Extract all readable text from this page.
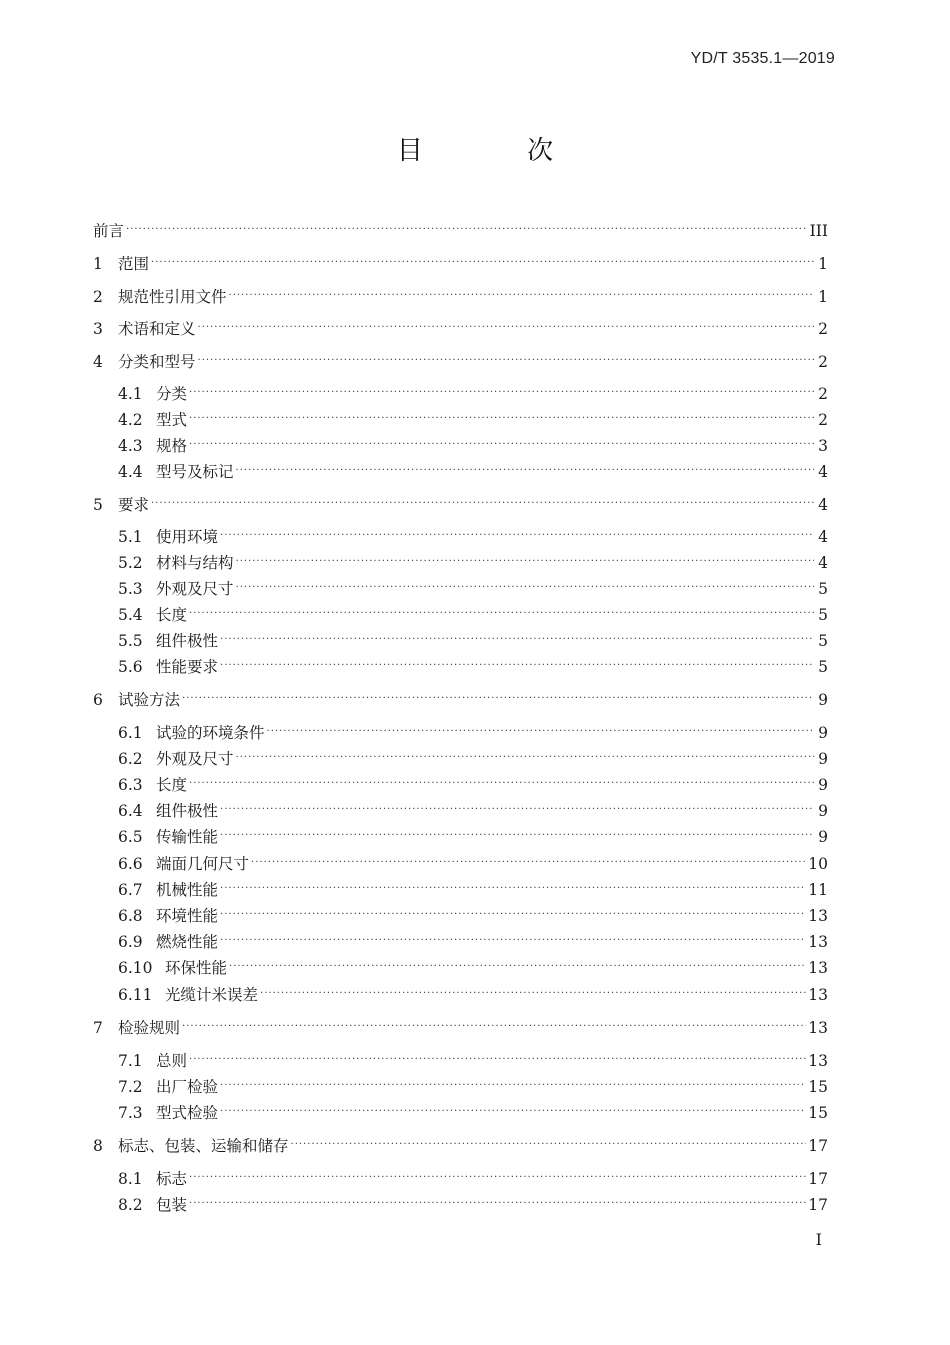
YD/T 3535.1—2019
目 次
前言 .....	III
1 范围 .....	1
2 规范性引用文件 .....	1
3 术语和定义 .....	2
4 分类和型号 .....	2
4.1 分类 .....	2
4.2 型式 .....	2
4.3 规格 .....	3
4.4 型号及标记 .....	4
5 要求 .....	4
5.1 使用环境 .....	4
5.2 材料与结构 .....	4
5.3 外观及尺寸 .....	5
5.4 长度 .....	5
5.5 组件极性 .....	5
5.6 性能要求 .....	5
6 试验方法 .....	9
6.1 试验的环境条件 .....	9
6.2 外观及尺寸 .....	9
6.3 长度 .....	9
6.4 组件极性 .....	9
6.5 传输性能 .....	9
6.6 端面几何尺寸 .....	10
6.7 机械性能 .....	11
6.8 环境性能 .....	13
6.9 燃烧性能 .....	13
6.10 环保性能 .....	13
6.11 光缆计米误差 .....	13
7 检验规则 .....	13
7.1 总则 .....	13
7.2 出厂检验 .....	15
7.3 型式检验 .....	15
8 标志、包装、运输和储存 .....	17
8.1 标志 .....	17
8.2 包装 .....	17
I
